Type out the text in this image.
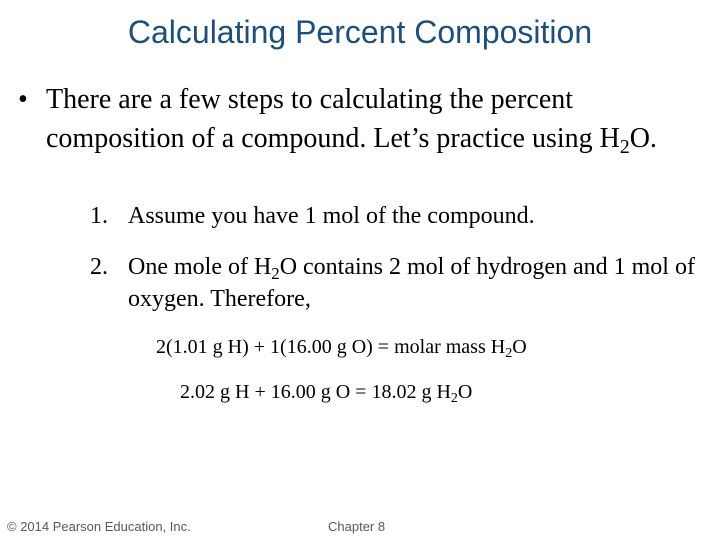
Calculating Percent Composition
• There are a few steps to calculating the percent composition of a compound. Let’s practice using $H_2O$.
1. Assume you have 1 mol of the compound.
2. One mole of $H_2O$ contains 2 mol of hydrogen and 1 mol of oxygen. Therefore,
2(1.01 g H) + 1(16.00 g O) = molar mass $H_2O$
2.02 g H + 16.00 g O = 18.02 g $H_2O$
© 2014 Pearson Education, Inc.	Chapter 8
